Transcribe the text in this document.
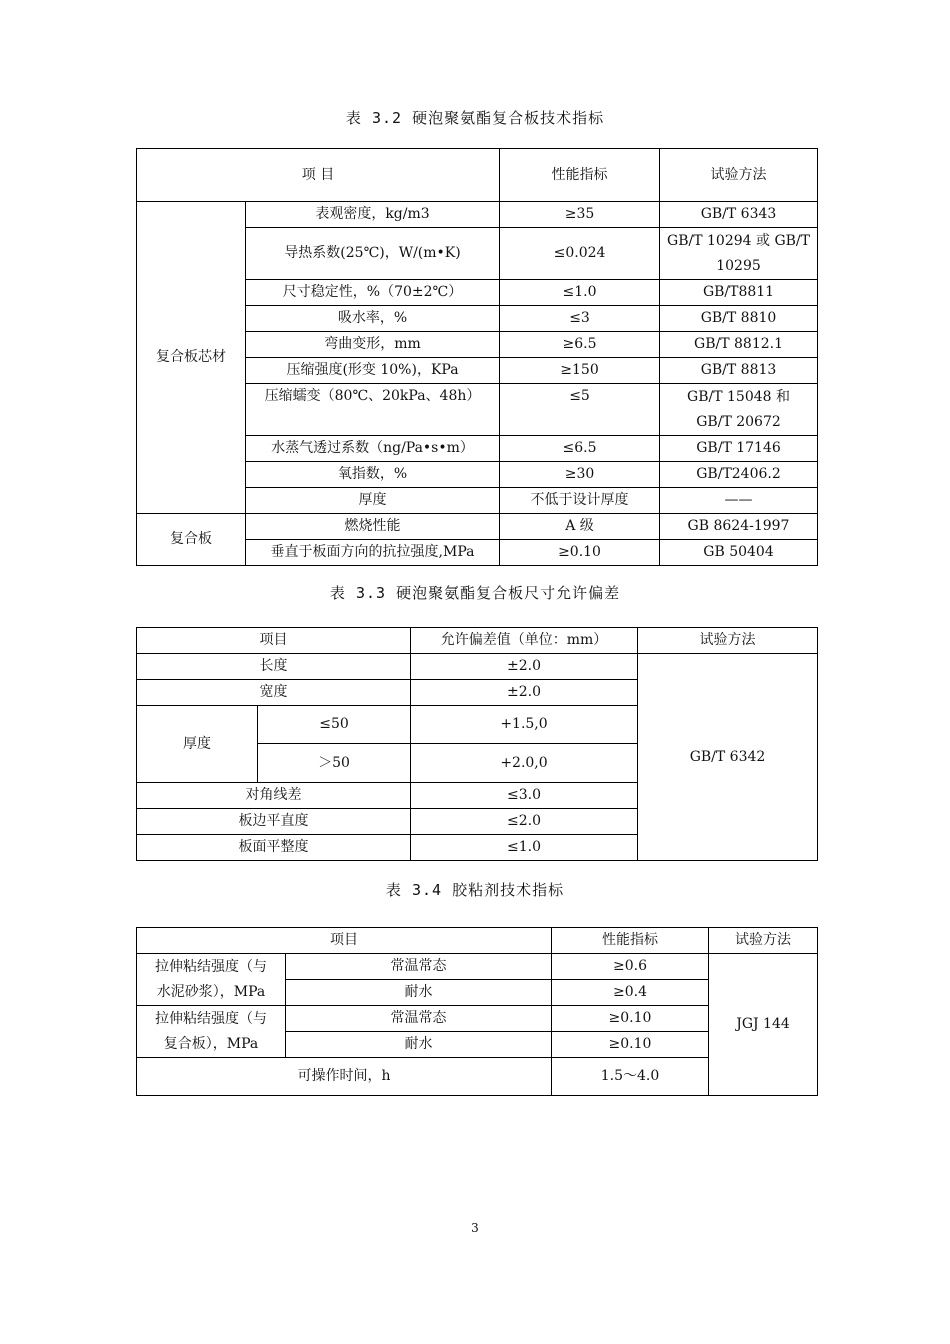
表 3.2 硬泡聚氨酯复合板技术指标
项 目		性能指标	试验方法
复合板芯材	表观密度，kg/m3	≥35	GB/T 6343
	导热系数(25℃)，W/(m•K)	≤0.024	GB/T 10294 或 GB/T
10295

	尺寸稳定性，%（70±2℃）	≤1.0	GB/T8811
	吸水率，%	≤3	GB/T 8810
	弯曲变形，mm	≥6.5	GB/T 8812.1
	压缩强度(形变 10%)，KPa	≥150	GB/T 8813
	压缩蠕变（80℃、20kPa、48h）	≤5	GB/T 15048 和
GB/T 20672

	水蒸气透过系数（ng/Pa•s•m）	≤6.5	GB/T 17146
	氧指数，%	≥30	GB/T2406.2
	厚度	不低于设计厚度	——
复合板	燃烧性能	A 级	GB 8624-1997
	垂直于板面方向的抗拉强度,MPa	≥0.10	GB 50404
表 3.3 硬泡聚氨酯复合板尺寸允许偏差
项目		允许偏差值（单位：mm）	试验方法
长度		±2.0	GB/T 6342
宽度		±2.0	
厚度	≤50	+1.5,0	
	＞50	+2.0,0	
对角线差		≤3.0	
板边平直度		≤2.0	
板面平整度		≤1.0	
表 3.4 胶粘剂技术指标
项目		性能指标	试验方法

拉伸粘结强度（与
水泥砂浆），MPa	常温常态	≥0.6	JGJ 144
	耐水	≥0.4	

拉伸粘结强度（与
复合板），MPa	常温常态	≥0.10	
	耐水	≥0.10	
可操作时间，h		1.5～4.0	
3
